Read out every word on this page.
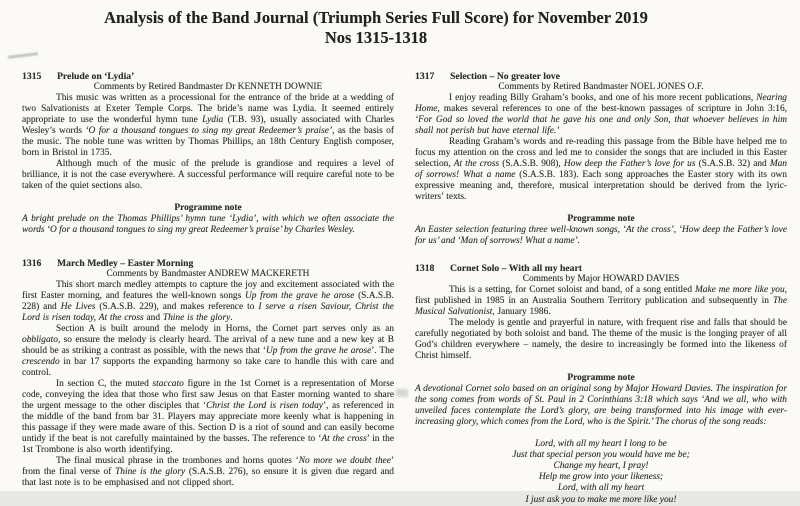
Analysis of the Band Journal (Triumph Series Full Score) for November 2019
Nos 1315-1318
1315 Prelude on ‘Lydia’
Comments by Retired Bandmaster Dr KENNETH DOWNIE

This music was written as a processional for the entrance of the bride at a wedding of two Salvationists at Exeter Temple Corps. The bride’s name was Lydia. It seemed entirely appropriate to use the wonderful hymn tune Lydia (T.B. 93), usually associated with Charles Wesley’s words ‘O for a thousand tongues to sing my great Redeemer’s praise’, as the basis of the music. The noble tune was written by Thomas Phillips, an 18th Century English composer, born in Bristol in 1735.

Although much of the music of the prelude is grandiose and requires a level of brilliance, it is not the case everywhere. A successful performance will require careful note to be taken of the quiet sections also.

Programme note

A bright prelude on the Thomas Phillips’ hymn tune ‘Lydia’, with which we often associate the words ‘O for a thousand tongues to sing my great Redeemer’s praise’ by Charles Wesley.

1316 March Medley – Easter Morning
Comments by Bandmaster ANDREW MACKERETH

This short march medley attempts to capture the joy and excitement associated with the first Easter morning, and features the well-known songs Up from the grave he arose (S.A.S.B. 228) and He Lives (S.A.S.B. 229), and makes reference to I serve a risen Saviour, Christ the Lord is risen today, At the cross and Thine is the glory.

Section A is built around the melody in Horns, the Cornet part serves only as an obbligato, so ensure the melody is clearly heard. The arrival of a new tune and a new key at B should be as striking a contrast as possible, with the news that ‘Up from the grave he arose’. The crescendo in bar 17 supports the expanding harmony so take care to handle this with care and control.

In section C, the muted staccato figure in the 1st Cornet is a representation of Morse code, conveying the idea that those who first saw Jesus on that Easter morning wanted to share the urgent message to the other disciples that ‘Christ the Lord is risen today’, as referenced in the middle of the band from bar 31. Players may appreciate more keenly what is happening in this passage if they were made aware of this. Section D is a riot of sound and can easily become untidy if the beat is not carefully maintained by the basses. The reference to ‘At the cross’ in the 1st Trombone is also worth identifying.

The final musical phrase in the trombones and horns quotes ‘No more we doubt thee’ from the final verse of Thine is the glory (S.A.S.B. 276), so ensure it is given due regard and that last note is to be emphasised and not clipped short.

1317 Selection – No greater love
Comments by Retired Bandmaster NOEL JONES O.F.

I enjoy reading Billy Graham’s books, and one of his more recent publications, Nearing Home, makes several references to one of the best-known passages of scripture in John 3:16, ‘For God so loved the world that he gave his one and only Son, that whoever believes in him shall not perish but have eternal life.’

Reading Graham’s words and re-reading this passage from the Bible have helped me to focus my attention on the cross and led me to consider the songs that are included in this Easter selection, At the cross (S.A.S.B. 908), How deep the Father’s love for us (S.A.S.B. 32) and Man of sorrows! What a name (S.A.S.B. 183). Each song approaches the Easter story with its own expressive meaning and, therefore, musical interpretation should be derived from the lyric-writers’ texts.

Programme note

An Easter selection featuring three well-known songs, ‘At the cross’, ‘How deep the Father’s love for us’ and ‘Man of sorrows! What a name’.

1318 Cornet Solo – With all my heart
Comments by Major HOWARD DAVIES

This is a setting, for Cornet soloist and band, of a song entitled Make me more like you, first published in 1985 in an Australia Southern Territory publication and subsequently in The Musical Salvationist, January 1986.

The melody is gentle and prayerful in nature, with frequent rise and falls that should be carefully negotiated by both soloist and band. The theme of the music is the longing prayer of all God’s children everywhere – namely, the desire to increasingly be formed into the likeness of Christ himself.

Programme note

A devotional Cornet solo based on an original song by Major Howard Davies. The inspiration for the song comes from words of St. Paul in 2 Corinthians 3:18 which says ‘And we all, who with unveiled faces contemplate the Lord’s glory, are being transformed into his image with ever-increasing glory, which comes from the Lord, who is the Spirit.’ The chorus of the song reads:

Lord, with all my heart I long to be
Just that special person you would have me be;
Change my heart, I pray!
Help me grow into your likeness;
Lord, with all my heart
I just ask you to make me more like you!
